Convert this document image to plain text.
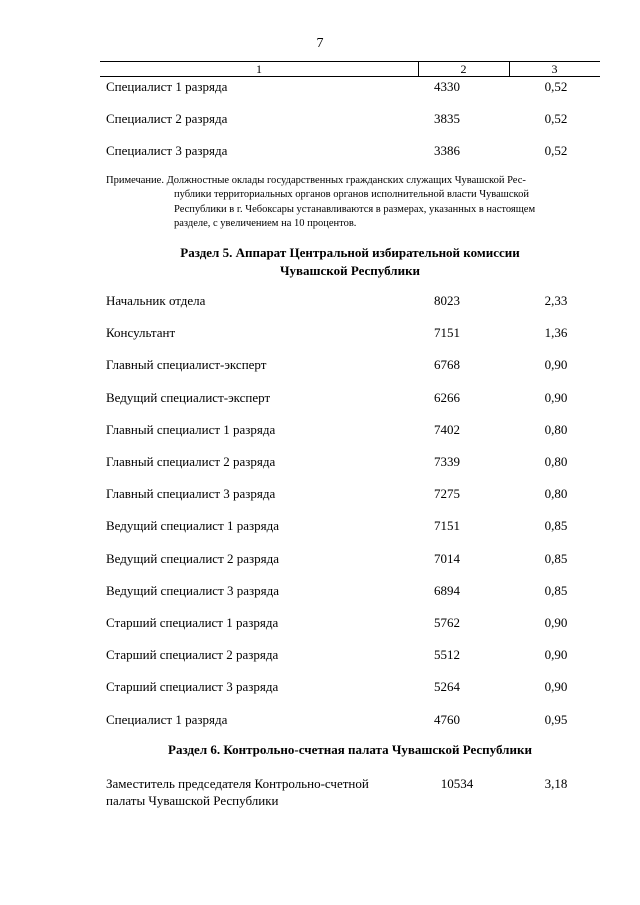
7
1	2	3
Специалист 1 разряда	4330	0,52
Специалист 2 разряда	3835	0,52
Специалист 3 разряда	3386	0,52
Примечание. Должностные оклады государственных гражданских служащих Чувашской Рес-
публики территориальных органов органов исполнительной власти Чувашской
Республики в г. Чебоксары устанавливаются в размерах, указанных в настоящем
разделе, с увеличением на 10 процентов.
Раздел 5. Аппарат Центральной избирательной комиссии
Чувашской Республики
Начальник отдела	8023	2,33
Консультант	7151	1,36
Главный специалист-эксперт	6768	0,90
Ведущий специалист-эксперт	6266	0,90
Главный специалист 1 разряда	7402	0,80
Главный специалист 2 разряда	7339	0,80
Главный специалист 3 разряда	7275	0,80
Ведущий специалист 1 разряда	7151	0,85
Ведущий специалист 2 разряда	7014	0,85
Ведущий специалист 3 разряда	6894	0,85
Старший специалист 1 разряда	5762	0,90
Старший специалист 2 разряда	5512	0,90
Старший специалист 3 разряда	5264	0,90
Специалист 1 разряда	4760	0,95
Раздел 6. Контрольно-счетная палата Чувашской Республики
Заместитель председателя Контрольно-счетной
палаты Чувашской Республики
10534	3,18
